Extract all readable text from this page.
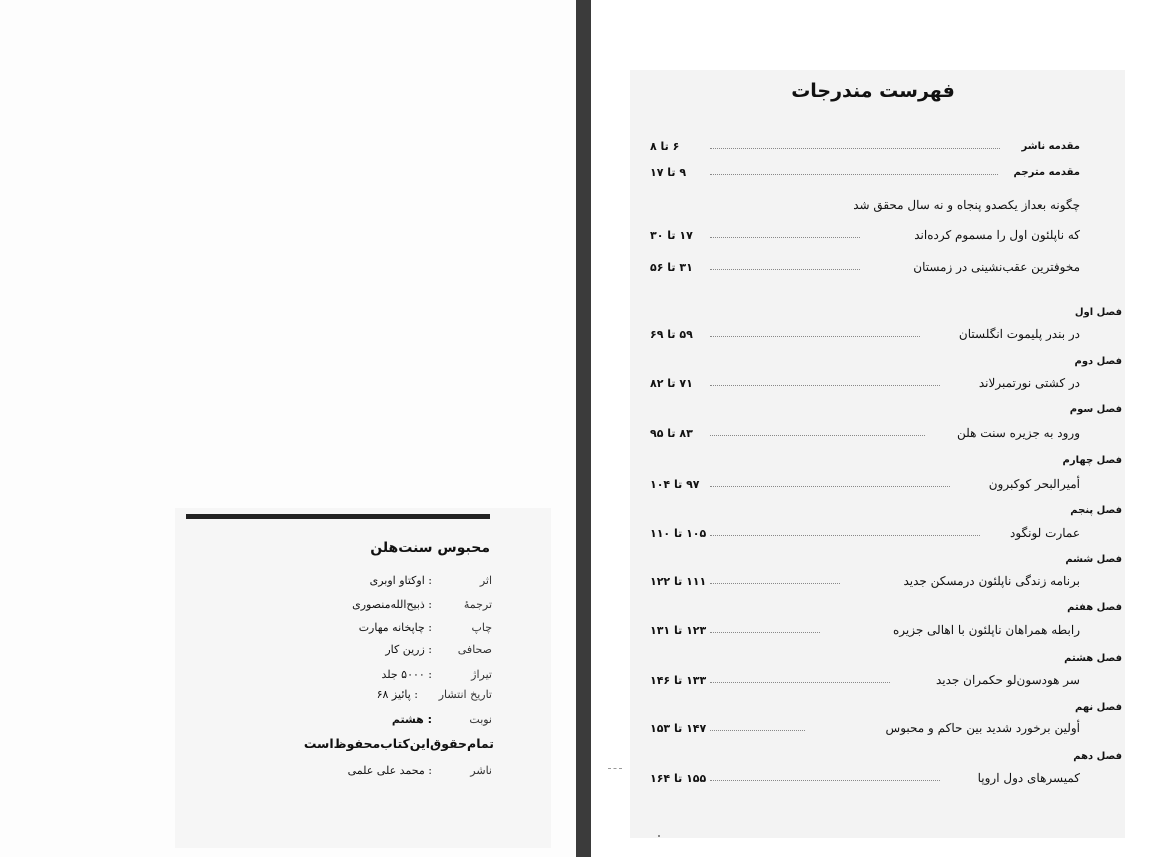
محبوس سنت‌هلن
اثر
: اوکتاو اوبری
ترجمهٔ
: ذبیح‌الله‌منصوری
چاپ
: چاپخانه مهارت
صحافی
: زرین کار
تیراژ
: ۵۰۰۰ جلد
تاریخ انتشار
: پائیز ۶۸
نوبت
: هشتم
تمام‌حقوق‌این‌کتاب‌محفوظ‌است
ناشر
: محمد علی علمی
فهرست مندرجات
مقدمه ناشر
۶ تا ۸
مقدمه مترجم
۹ تا ۱۷
چگونه بعداز یکصدو پنجاه و نه سال محقق شد
که ناپلئون اول را مسموم کرده‌اند
۱۷ تا ۳۰
مخوفترین عقب‌نشینی در زمستان
۳۱ تا ۵۶
فصل اول
در بندر پلیموت انگلستان
۵۹ تا ۶۹
فصل دوم
در کشتی نورتمبرلاند
۷۱ تا ۸۲
فصل سوم
ورود به جزیره سنت هلن
۸۳ تا ۹۵
فصل چهارم
أمیرالبحر کوکبرون
۹۷ تا ۱۰۴
فصل پنجم
عمارت لونگود
۱۰۵ تا ۱۱۰
فصل ششم
برنامه زندگی ناپلئون درمسکن جدید
۱۱۱ تا ۱۲۲
فصل هفتم
رابطه همراهان ناپلئون با اهالی جزیره
۱۲۳ تا ۱۳۱
فصل هشتم
سر هودسون‌لو حکمران جدید
۱۳۳ تا ۱۴۶
فصل نهم
أولین برخورد شدید بین حاکم و محبوس
۱۴۷ تا ۱۵۳
فصل دهم
کمیسرهای دول اروپا
۱۵۵ تا ۱۶۴
